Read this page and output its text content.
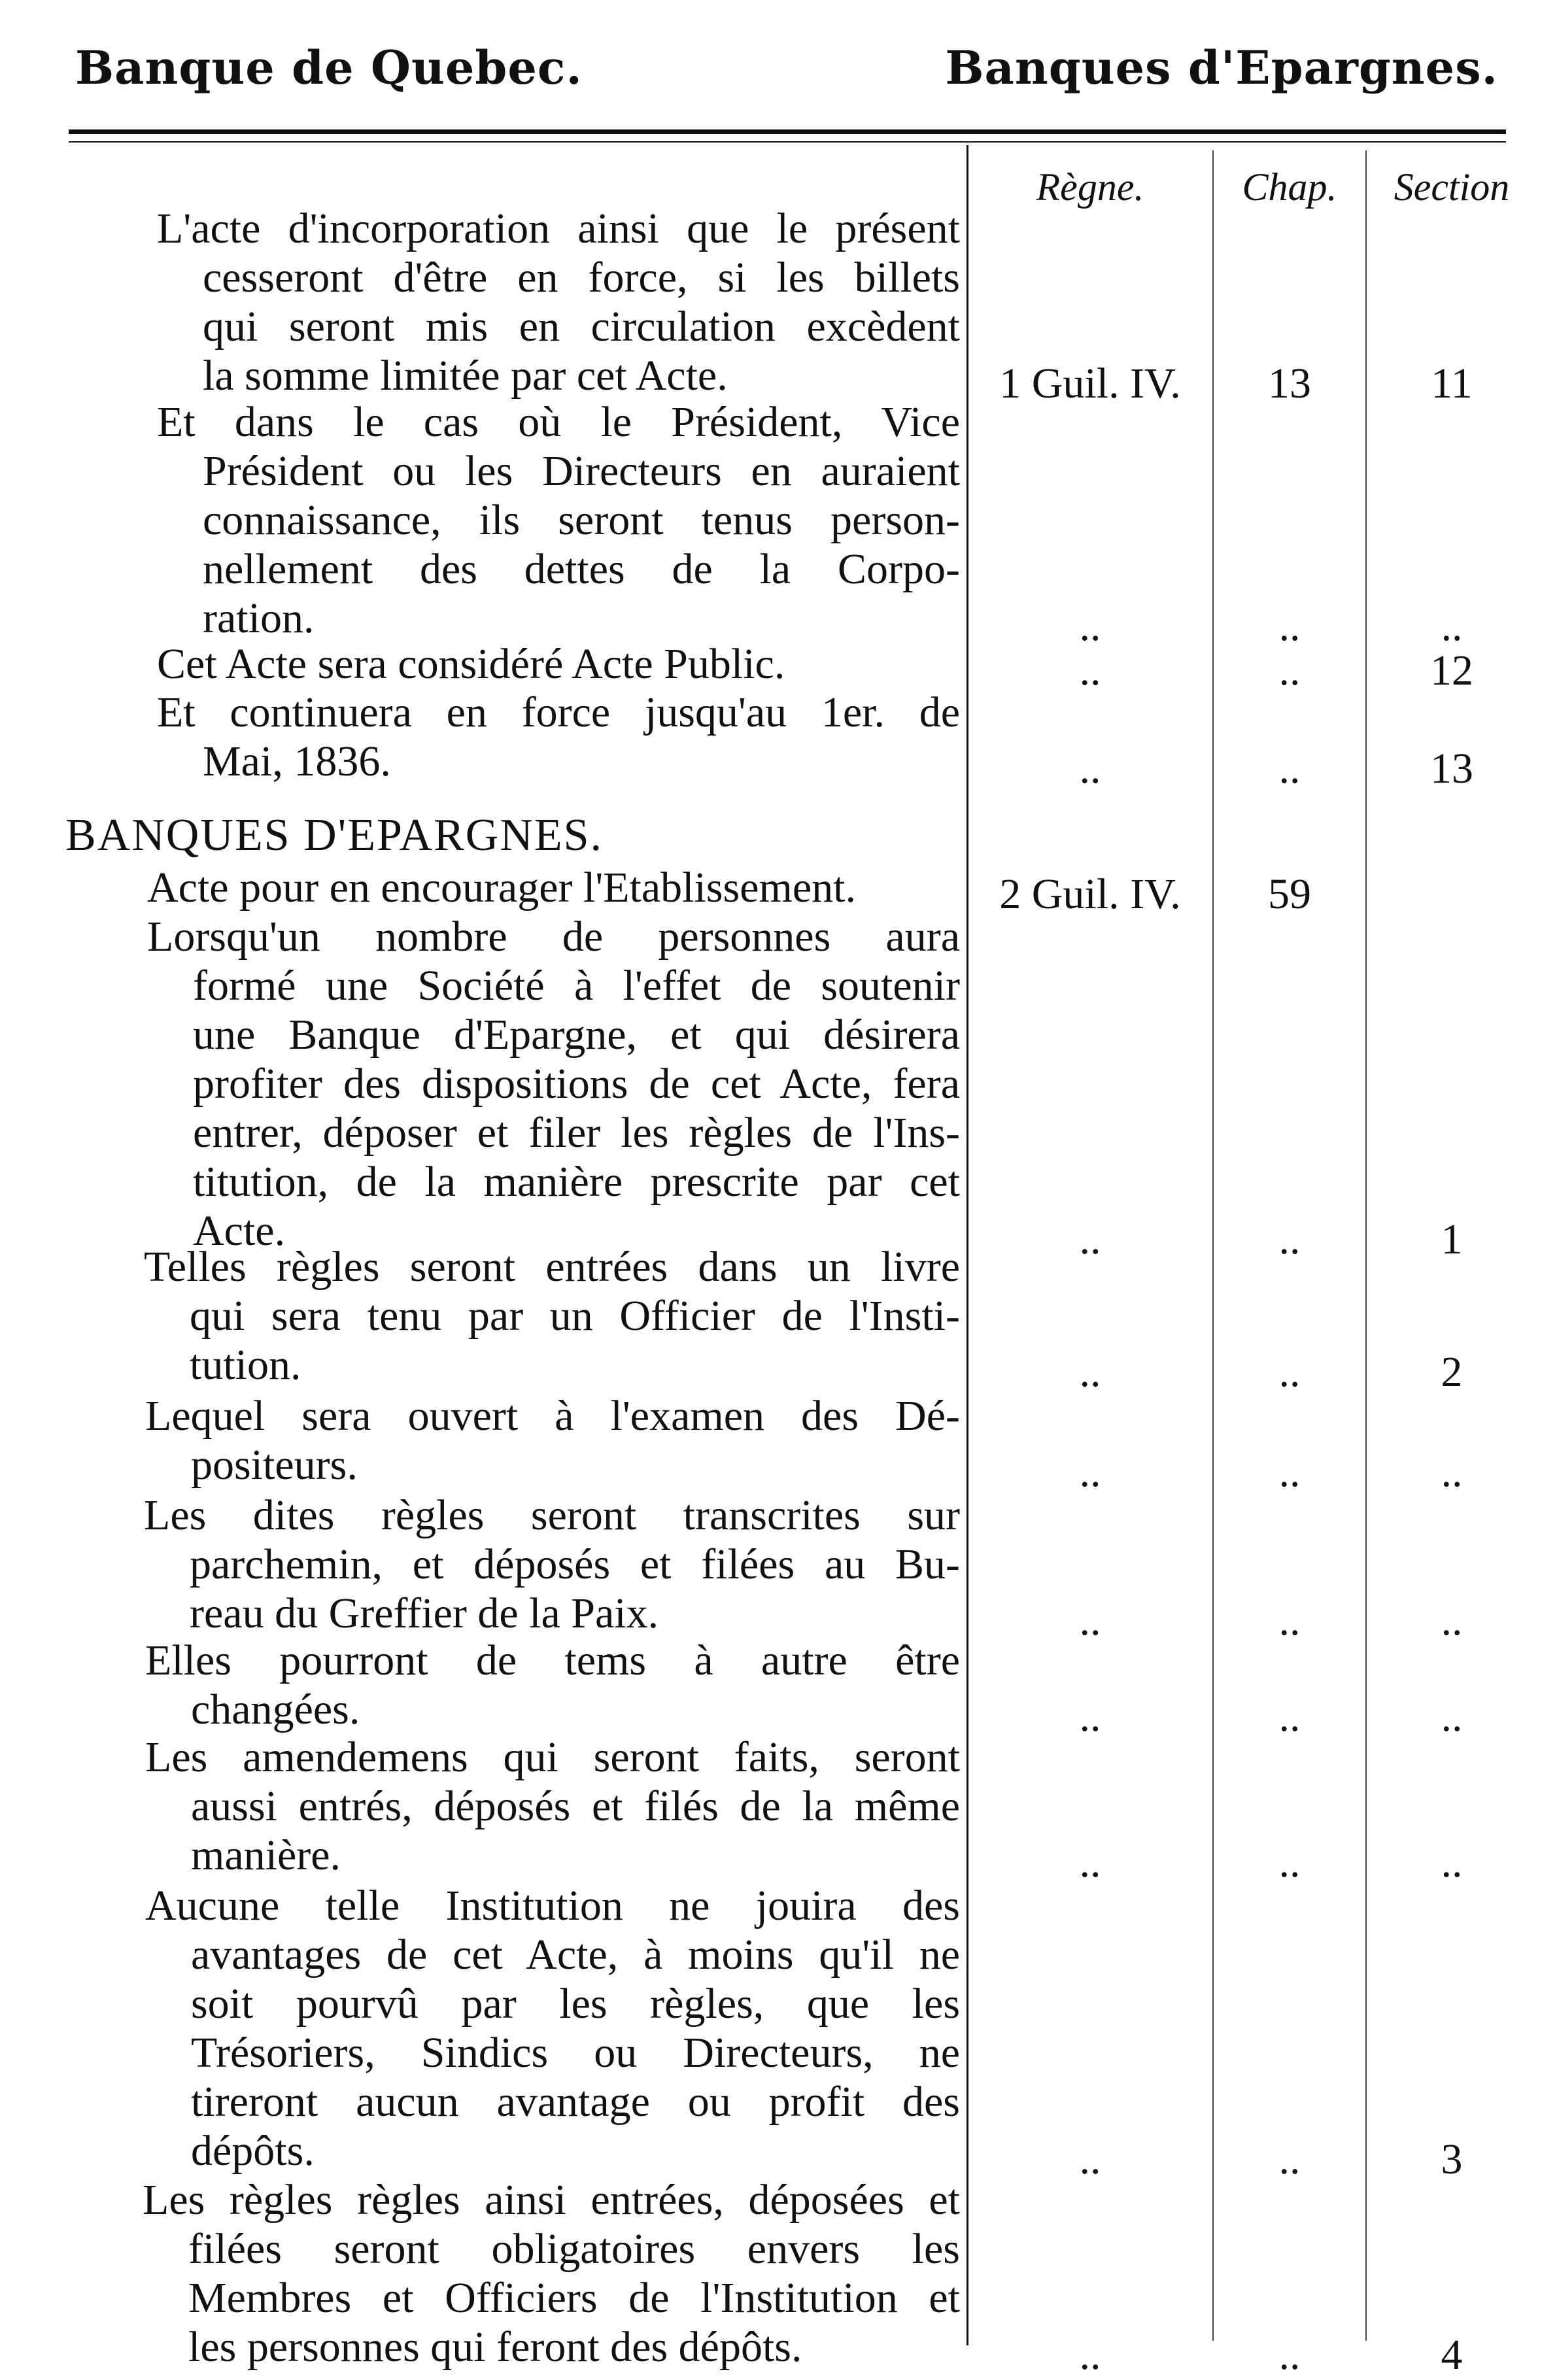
Banque de Quebec.	Banques d'Epargnes.
Règne.	Chap.	Section
BANQUES D'EPARGNES.
L'acte d'incorporation ainsi que le présent
cesseront d'être en force, si les billets
qui seront mis en circulation excèdent
la somme limitée par cet Acte.	1 Guil. IV.	13	11
Et dans le cas où le Président, Vice
Président ou les Directeurs en auraient
connaissance, ils seront tenus person-
nellement des dettes de la Corpo-
ration.	..	..	..
Cet Acte sera considéré Acte Public.	..	..	12
Et continuera en force jusqu'au 1er. de
Mai, 1836.	..	..	13
Acte pour en encourager l'Etablissement.	2 Guil. IV.	59
Lorsqu'un nombre de personnes aura
formé une Société à l'effet de soutenir
une Banque d'Epargne, et qui désirera
profiter des dispositions de cet Acte, fera
entrer, déposer et filer les règles de l'Ins-
titution, de la manière prescrite par cet
Acte.	..	..	1
Telles règles seront entrées dans un livre
qui sera tenu par un Officier de l'Insti-
tution.	..	..	2
Lequel sera ouvert à l'examen des Dé-
positeurs.	..	..	..
Les dites règles seront transcrites sur
parchemin, et déposés et filées au Bu-
reau du Greffier de la Paix.	..	..	..
Elles pourront de tems à autre être
changées.	..	..	..
Les amendemens qui seront faits, seront
aussi entrés, déposés et filés de la même
manière.	..	..	..
Aucune telle Institution ne jouira des
avantages de cet Acte, à moins qu'il ne
soit pourvû par les règles, que les
Trésoriers, Sindics ou Directeurs, ne
tireront aucun avantage ou profit des
dépôts.	..	..	3
Les règles règles ainsi entrées, déposées et
filées seront obligatoires envers les
Membres et Officiers de l'Institution et
les personnes qui feront des dépôts.	..	..	4
